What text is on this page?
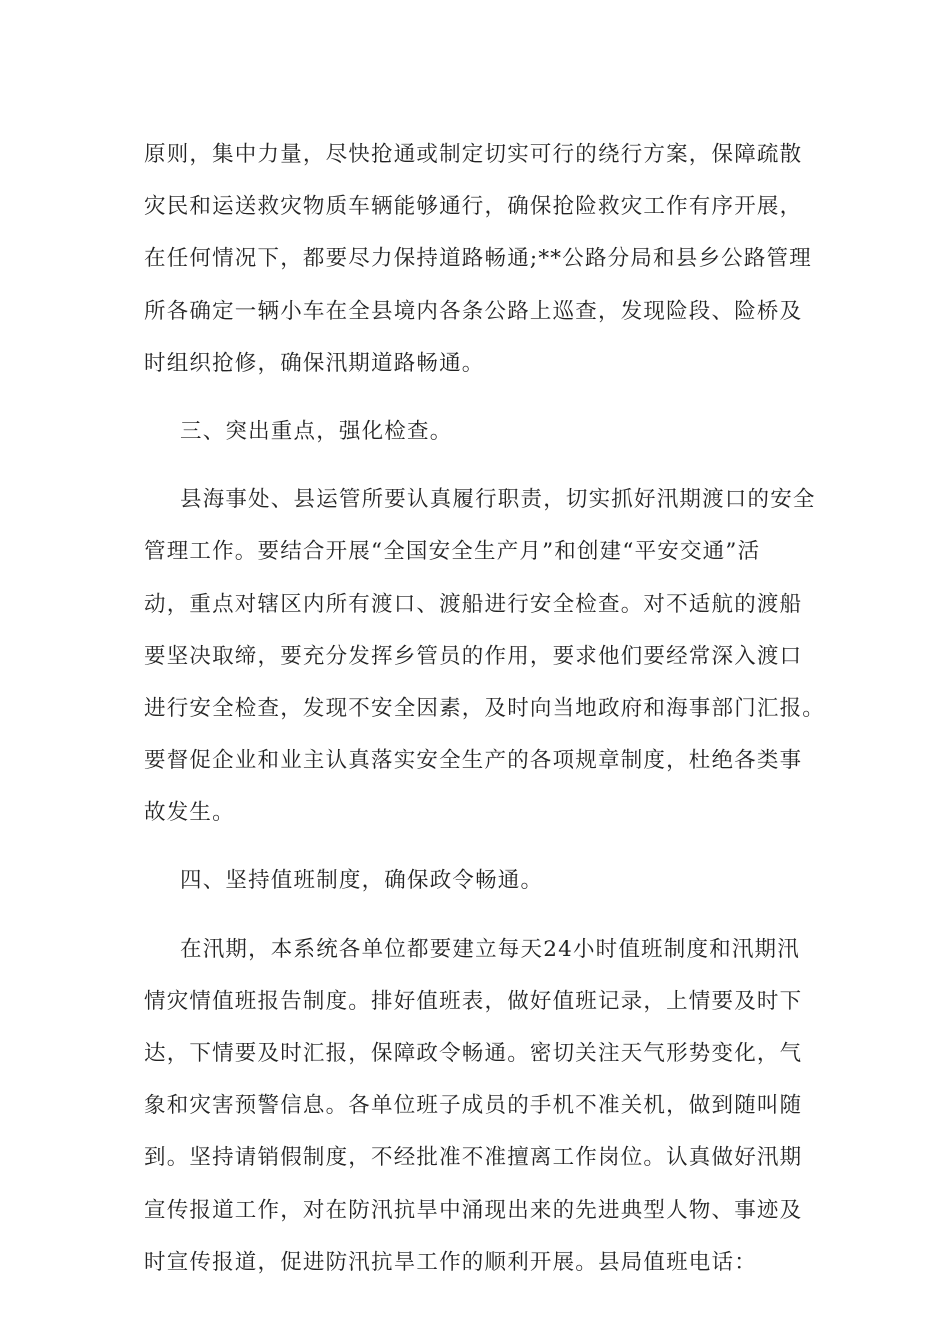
原则，集中力量，尽快抢通或制定切实可行的绕行方案，保障疏散
灾民和运送救灾物质车辆能够通行，确保抢险救灾工作有序开展，
在任何情况下，都要尽力保持道路畅通;**公路分局和县乡公路管理
所各确定一辆小车在全县境内各条公路上巡查，发现险段、险桥及
时组织抢修，确保汛期道路畅通。
三、突出重点，强化检查。
县海事处、县运管所要认真履行职责，切实抓好汛期渡口的安全
管理工作。要结合开展“全国安全生产月”和创建“平安交通”活
动，重点对辖区内所有渡口、渡船进行安全检查。对不适航的渡船
要坚决取缔，要充分发挥乡管员的作用，要求他们要经常深入渡口
进行安全检查，发现不安全因素，及时向当地政府和海事部门汇报。
要督促企业和业主认真落实安全生产的各项规章制度，杜绝各类事
故发生。
四、坚持值班制度，确保政令畅通。
在汛期，本系统各单位都要建立每天24小时值班制度和汛期汛
情灾情值班报告制度。排好值班表，做好值班记录，上情要及时下
达，下情要及时汇报，保障政令畅通。密切关注天气形势变化，气
象和灾害预警信息。各单位班子成员的手机不准关机，做到随叫随
到。坚持请销假制度，不经批准不准擅离工作岗位。认真做好汛期
宣传报道工作，对在防汛抗旱中涌现出来的先进典型人物、事迹及
时宣传报道，促进防汛抗旱工作的顺利开展。县局值班电话：
